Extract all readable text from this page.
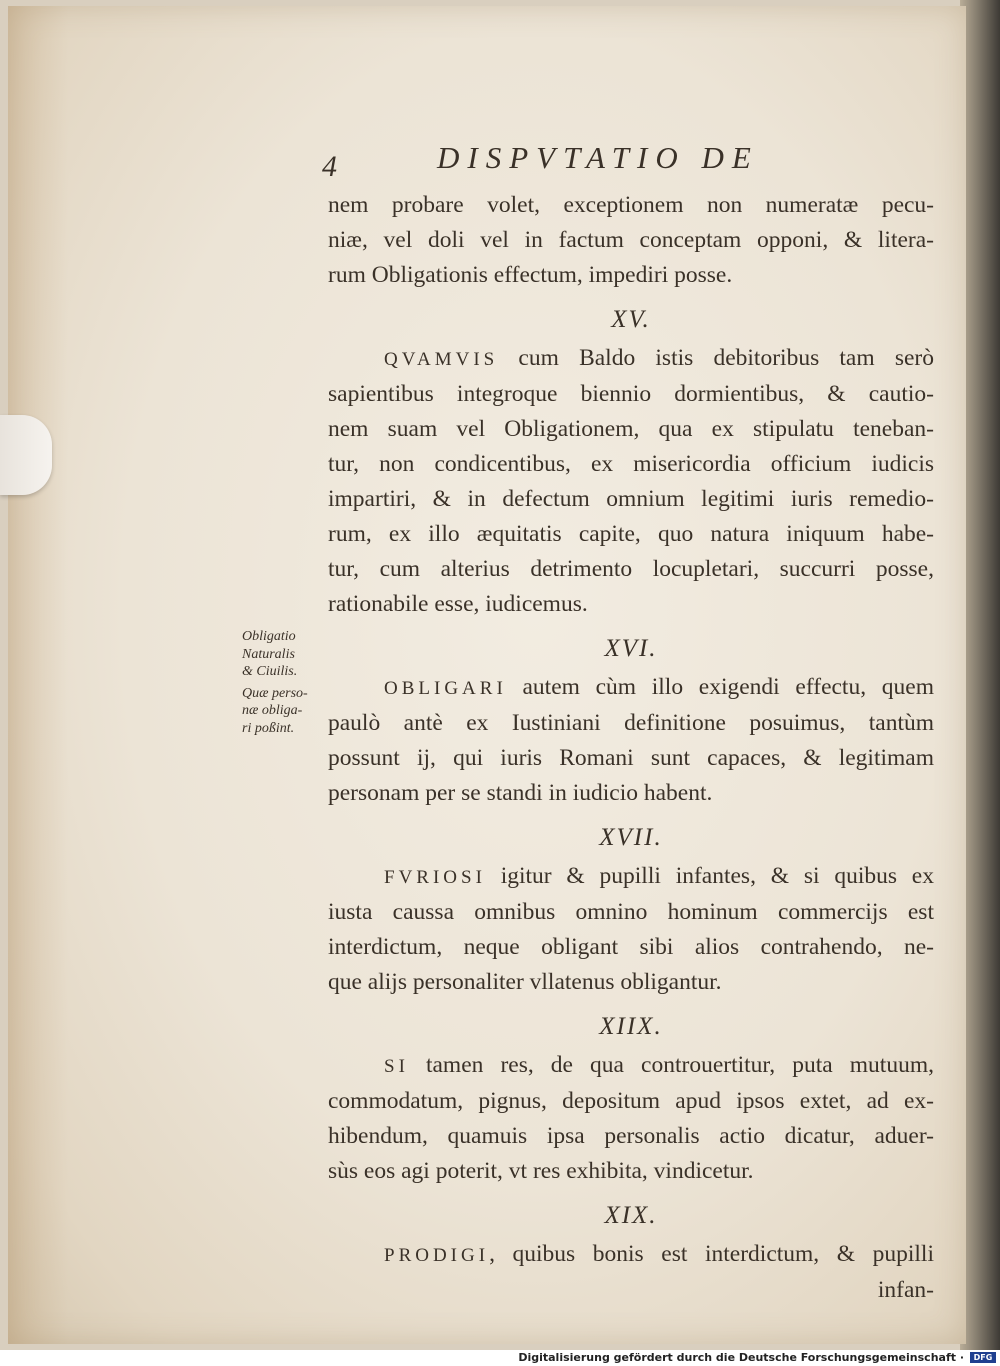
4	DISPVTATIO DE
Obligatio
Naturalis
& Ciuilis.
Quæ perso-
næ obliga-
ri poßint.
nem probare volet, exceptionem non numeratæ pecu-
niæ, vel doli vel in factum conceptam opponi, & litera-
rum Obligationis effectum, impediri posse.
XV.
QVAMVIS cum Baldo istis debitoribus tam serò
sapientibus integroque biennio dormientibus, & cautio-
nem suam vel Obligationem, qua ex stipulatu teneban-
tur, non condicentibus, ex misericordia officium iudicis
impartiri, & in defectum omnium legitimi iuris remedio-
rum, ex illo æquitatis capite, quo natura iniquum habe-
tur, cum alterius detrimento locupletari, succurri posse,
rationabile esse, iudicemus.
XVI.
OBLIGARI autem cùm illo exigendi effectu, quem
paulò antè ex Iustiniani definitione posuimus, tantùm
possunt ij, qui iuris Romani sunt capaces, & legitimam
personam per se standi in iudicio habent.
XVII.
FVRIOSI igitur & pupilli infantes, & si quibus ex
iusta caussa omnibus omnino hominum commercijs est
interdictum, neque obligant sibi alios contrahendo, ne-
que alijs personaliter vllatenus obligantur.
XIIX.
SI tamen res, de qua controuertitur, puta mutuum,
commodatum, pignus, depositum apud ipsos extet, ad ex-
hibendum, quamuis ipsa personalis actio dicatur, aduer-
sùs eos agi poterit, vt res exhibita, vindicetur.
XIX.
PRODIGI, quibus bonis est interdictum, & pupilli
infan-
Digitalisierung gefördert durch die Deutsche Forschungsgemeinschaft ·	DFG
